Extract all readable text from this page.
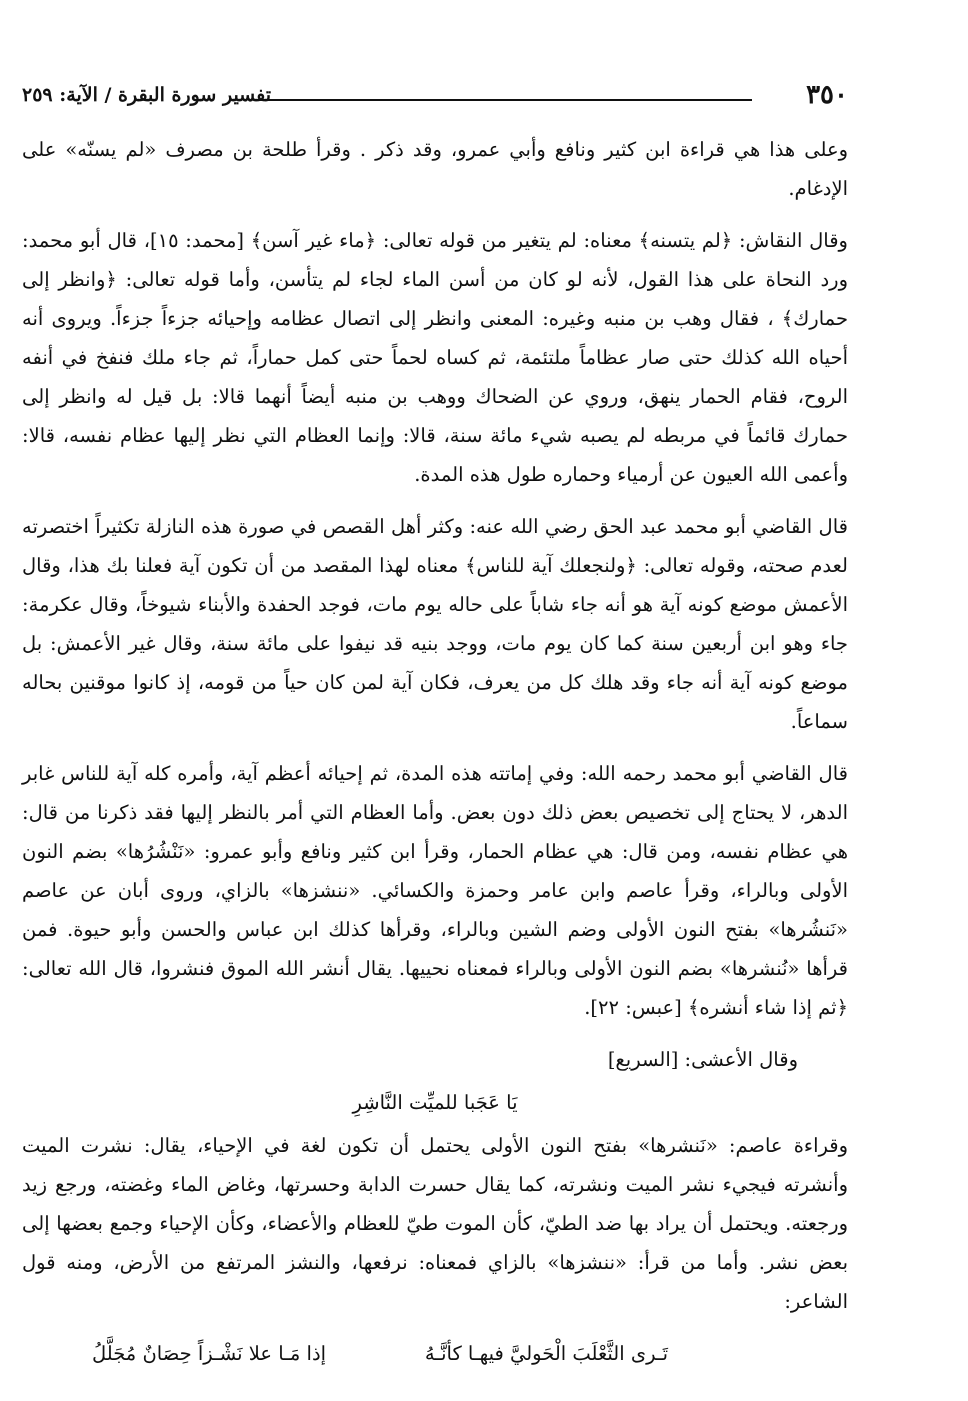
تفسير سورة البقرة / الآية: ٢٥٩	٣٥٠

وعلى هذا هي قراءة ابن كثير ونافع وأبي عمرو، وقد ذكر . وقرأ طلحة بن مصرف «لم يسنّه» على الإدغام.

وقال النقاش: ﴿لم يتسنه﴾ معناه: لم يتغير من قوله تعالى: ﴿ماء غير آسن﴾ [محمد: ١٥]، قال أبو محمد: ورد النحاة على هذا القول، لأنه لو كان من أسن الماء لجاء لم يتأسن، وأما قوله تعالى: ﴿وانظر إلى حمارك﴾ ، فقال وهب بن منبه وغيره: المعنى وانظر إلى اتصال عظامه وإحيائه جزءاً جزءاً. ويروى أنه أحياه الله كذلك حتى صار عظاماً ملتئمة، ثم كساه لحماً حتى كمل حماراً، ثم جاء ملك فنفخ في أنفه الروح، فقام الحمار ينهق، وروي عن الضحاك ووهب بن منبه أيضاً أنهما قالا: بل قيل له وانظر إلى حمارك قائماً في مربطه لم يصبه شيء مائة سنة، قالا: وإنما العظام التي نظر إليها عظام نفسه، قالا: وأعمى الله العيون عن أرمياء وحماره طول هذه المدة.

قال القاضي أبو محمد عبد الحق رضي الله عنه: وكثر أهل القصص في صورة هذه النازلة تكثيراً اختصرته لعدم صحته، وقوله تعالى: ﴿ولنجعلك آية للناس﴾ معناه لهذا المقصد من أن تكون آية فعلنا بك هذا، وقال الأعمش موضع كونه آية هو أنه جاء شاباً على حاله يوم مات، فوجد الحفدة والأبناء شيوخاً، وقال عكرمة: جاء وهو ابن أربعين سنة كما كان يوم مات، ووجد بنيه قد نيفوا على مائة سنة، وقال غير الأعمش: بل موضع كونه آية أنه جاء وقد هلك كل من يعرف، فكان آية لمن كان حياً من قومه، إذ كانوا موقنين بحاله سماعاً.

قال القاضي أبو محمد رحمه الله: وفي إماتته هذه المدة، ثم إحيائه أعظم آية، وأمره كله آية للناس غابر الدهر، لا يحتاج إلى تخصيص بعض ذلك دون بعض. وأما العظام التي أمر بالنظر إليها فقد ذكرنا من قال: هي عظام نفسه، ومن قال: هي عظام الحمار، وقرأ ابن كثير ونافع وأبو عمرو: «نَنْشُرُها» بضم النون الأولى وبالراء، وقرأ عاصم وابن عامر وحمزة والكسائي. «ننشزها» بالزاي، وروى أبان عن عاصم «نَنشُرها» بفتح النون الأولى وضم الشين وبالراء، وقرأها كذلك ابن عباس والحسن وأبو حيوة. فمن قرأها «نُنشرها» بضم النون الأولى وبالراء فمعناه نحييها. يقال أنشر الله الموق فنشروا، قال الله تعالى: ﴿ثم إذا شاء أنشره﴾ [عبس: ٢٢].

وقال الأعشى: [السريع]

يَا عَجَبا للميِّت النَّاشِرِ

وقراءة عاصم: «نَنشرها» بفتح النون الأولى يحتمل أن تكون لغة في الإحياء، يقال: نشرت الميت وأنشرته فيجيء نشر الميت ونشرته، كما يقال حسرت الدابة وحسرتها، وغاض الماء وغضته، ورجع زيد ورجعته. ويحتمل أن يراد بها ضد الطيّ، كأن الموت طيّ للعظام والأعضاء، وكأن الإحياء وجمع بعضها إلى بعض نشر. وأما من قرأ: «ننشزها» بالزاي فمعناه: نرفعها، والنشز المرتفع من الأرض، ومنه قول الشاعر:

تَـرى الثَّعْلَبَ الْحَوليَّ فيهـا كأنَّـهُ
إذا مَـا علا نَشْـزاً حِصَانٌ مُجَلَّلُ
